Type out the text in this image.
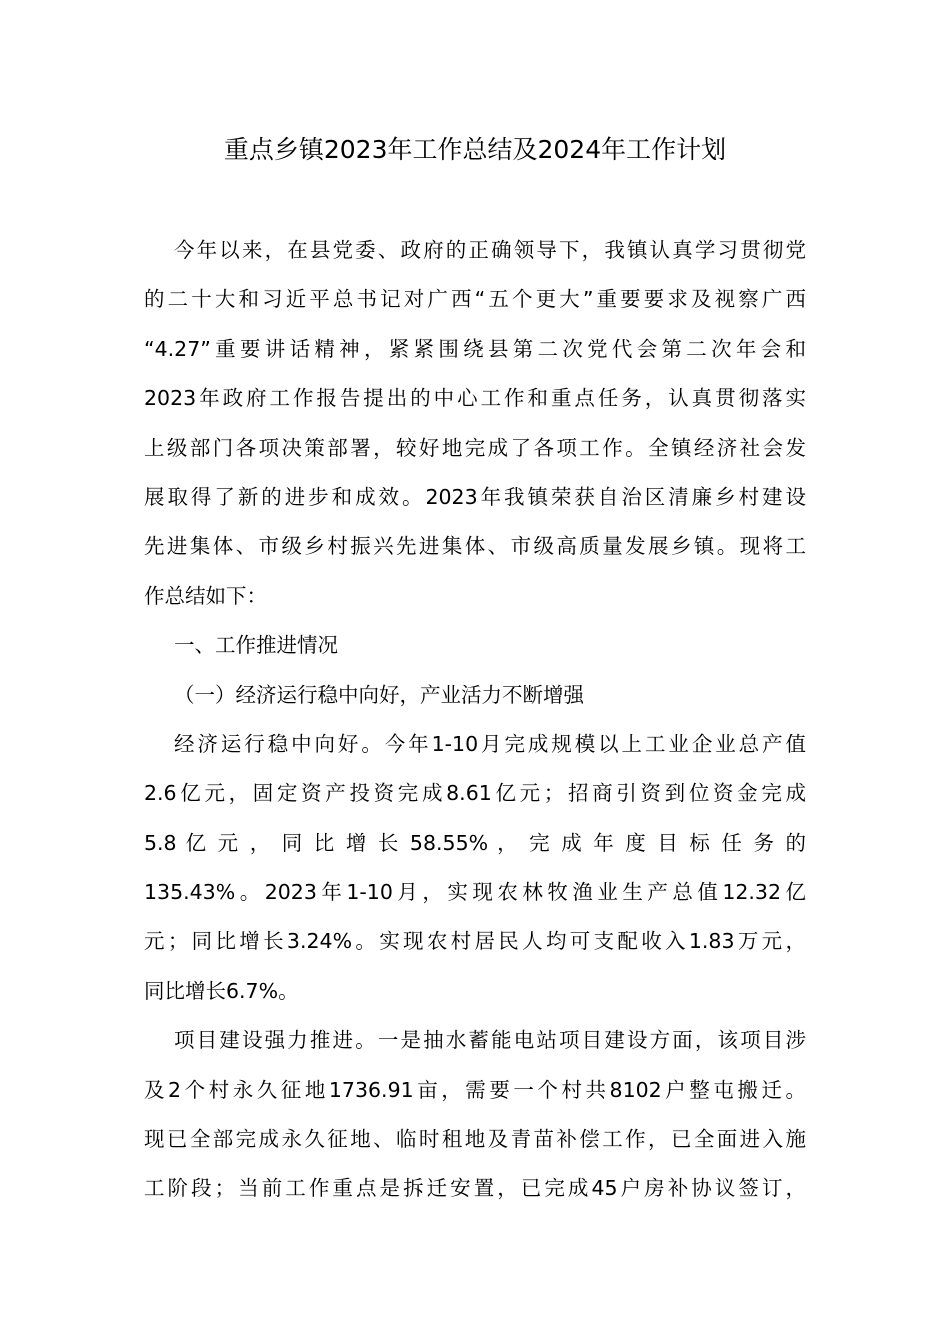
重点乡镇2023年工作总结及2024年工作计划
今年以来，在县党委、政府的正确领导下，我镇认真学习贯彻党
的二十大和习近平总书记对广西“五个更大”重要要求及视察广西
“4.27”重要讲话精神，紧紧围绕县第二次党代会第二次年会和
2023年政府工作报告提出的中心工作和重点任务，认真贯彻落实
上级部门各项决策部署，较好地完成了各项工作。全镇经济社会发
展取得了新的进步和成效。2023年我镇荣获自治区清廉乡村建设
先进集体、市级乡村振兴先进集体、市级高质量发展乡镇。现将工
作总结如下：
一、工作推进情况
（一）经济运行稳中向好，产业活力不断增强
经济运行稳中向好。今年1-10月完成规模以上工业企业总产值
2.6亿元，固定资产投资完成8.61亿元；招商引资到位资金完成
5.8 亿 元 ， 同 比 增 长 58.55% ， 完 成 年 度 目 标 任 务 的
135.43%。2023年1-10月，实现农林牧渔业生产总值12.32亿
元；同比增长3.24%。实现农村居民人均可支配收入1.83万元，
同比增长6.7%。
项目建设强力推进。一是抽水蓄能电站项目建设方面，该项目涉
及2个村永久征地1736.91亩，需要一个村共8102户整屯搬迁。
现已全部完成永久征地、临时租地及青苗补偿工作，已全面进入施
工阶段；当前工作重点是拆迁安置，已完成45户房补协议签订，
